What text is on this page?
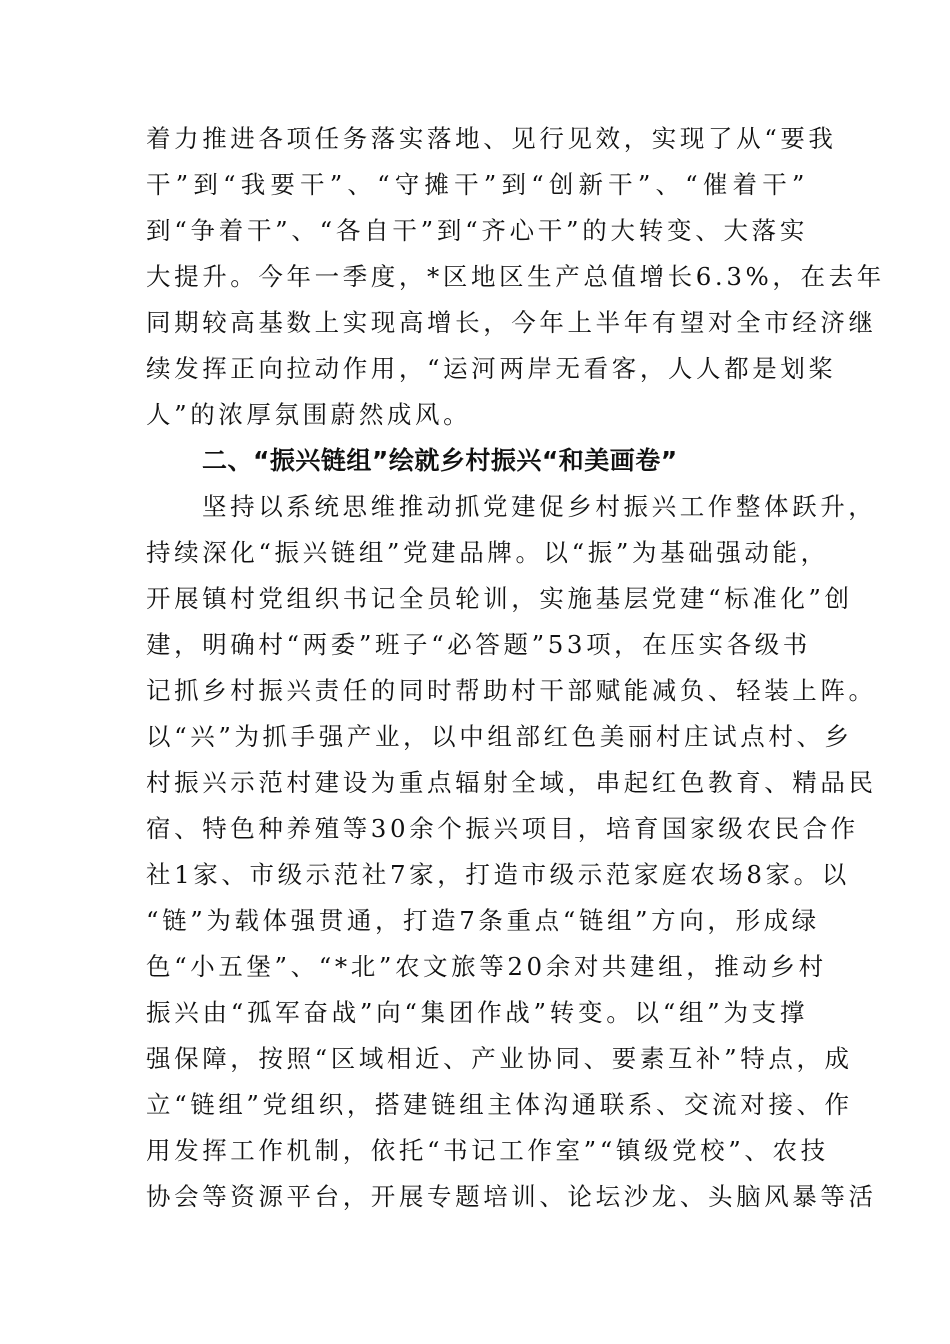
着力推进各项任务落实落地、见行见效，实现了从“要我
干”到“我要干”、“守摊干”到“创新干”、“催着干”
到“争着干”、“各自干”到“齐心干”的大转变、大落实
大提升。今年一季度，*区地区生产总值增长6.3%，在去年
同期较高基数上实现高增长，今年上半年有望对全市经济继
续发挥正向拉动作用，“运河两岸无看客，人人都是划桨
人”的浓厚氛围蔚然成风。
二、“振兴链组”绘就乡村振兴“和美画卷”
坚持以系统思维推动抓党建促乡村振兴工作整体跃升，
持续深化“振兴链组”党建品牌。以“振”为基础强动能，
开展镇村党组织书记全员轮训，实施基层党建“标准化”创
建，明确村“两委”班子“必答题”53项，在压实各级书
记抓乡村振兴责任的同时帮助村干部赋能减负、轻装上阵。
以“兴”为抓手强产业，以中组部红色美丽村庄试点村、乡
村振兴示范村建设为重点辐射全域，串起红色教育、精品民
宿、特色种养殖等30余个振兴项目，培育国家级农民合作
社1家、市级示范社7家，打造市级示范家庭农场8家。以
“链”为载体强贯通，打造7条重点“链组”方向，形成绿
色“小五堡”、“*北”农文旅等20余对共建组，推动乡村
振兴由“孤军奋战”向“集团作战”转变。以“组”为支撑
强保障，按照“区域相近、产业协同、要素互补”特点，成
立“链组”党组织，搭建链组主体沟通联系、交流对接、作
用发挥工作机制，依托“书记工作室”“镇级党校”、农技
协会等资源平台，开展专题培训、论坛沙龙、头脑风暴等活
